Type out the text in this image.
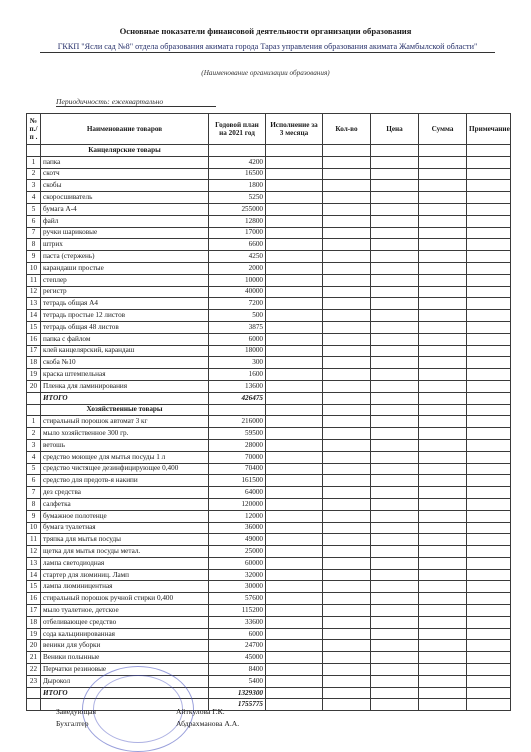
Основные показатели финансовой деятельности организации образования
ГККП "Ясли сад №8" отдела образования акимата города Тараз управления образования акимата Жамбылской области"
(Наименование организации образования)
Периодичность: ежеквартально
№ п./п .	Наименование товаров	Годовой план на 2021 год	Исполнение за 3 месяца	Кол-во	Цена	Сумма	Примечание
	Канцелярские товары						
1	папка	4200					
2	скотч	16500					
3	скобы	1800					
4	скоросшиватель	5250					
5	бумага А-4	255000					
6	файл	12800					
7	ручки шариковые	17000					
8	штрих	6600					
9	паста (стержень)	4250					
10	карандаши простые	2000					
11	степлер	10000					
12	регистр	40000					
13	тетрадь общая А4	7200					
14	тетрадь простые 12 листов	500					
15	тетрадь общая 48 листов	3875					
16	папка с файлом	6000					
17	клей канцелярский, карандаш	18000					
18	скоба №10	300					
19	краска штемпельная	1600					
20	Пленка для ламинирования	13600					
	ИТОГО	426475					
	Хозяйственные товары						
1	стиральный порошок автомат 3 кг	216000					
2	мыло хозяйственное 300 гр.	59500					
3	ветошь	28000					
4	средство моющее для мытья посуды 1 л	70000					
5	средство чистящее дезинфицирующее 0,400	70400					
6	средство для предотв-я накипи	161500					
7	дез средства	64000					
8	салфетка	120000					
9	бумажное полотенце	12000					
10	бумага туалетная	36000					
11	тряпка для мытья посуды	49000					
12	щетка для мытья посуды метал.	25000					
13	лампа светодиодная	60000					
14	стартер для люминиц. Ламп	32000					
15	лампа люминицентная	30000					
16	стиральный порошок ручной стирки 0,400	57600					
17	мыло туалетное, детское	115200					
18	отбеливающее средство	33600					
19	сода кальцинированная	6000					
20	веники для уборки	24700					
21	Веники полынные	45000					
22	Перчатки резиновые	8400					
23	Дырокол	5400					
	ИТОГО	1329300					
		1755775					
Заведующая	Айткулова Г.К.
Бухгалтер	Абдрахманова А.А.
